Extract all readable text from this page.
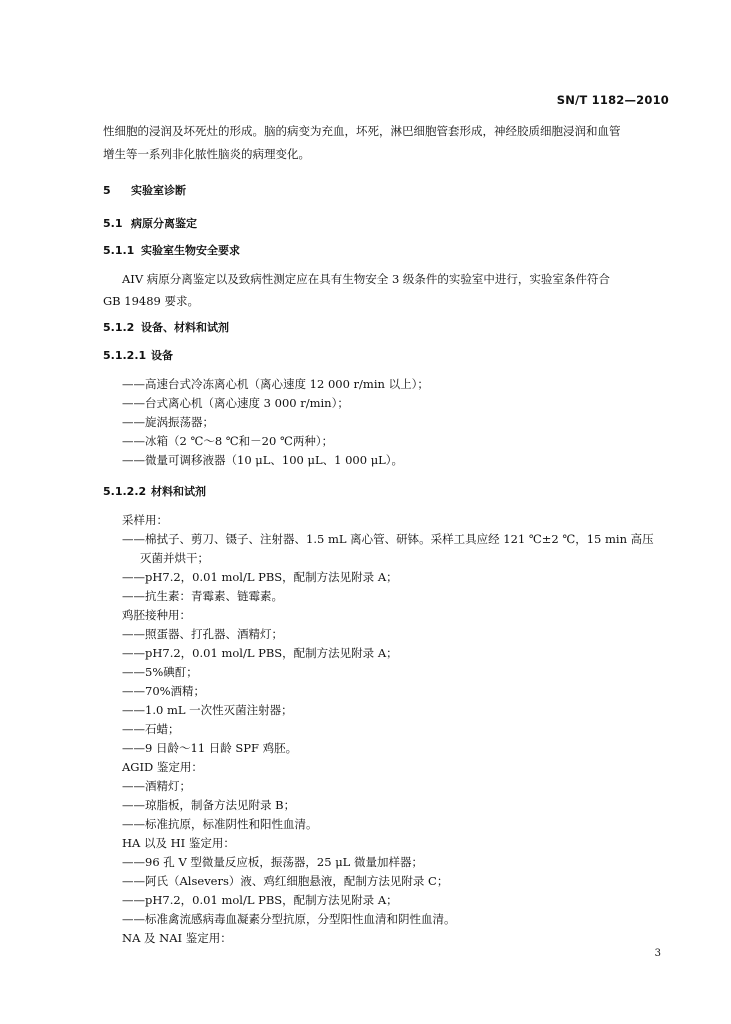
SN/T 1182—2010
性细胞的浸润及坏死灶的形成。脑的病变为充血，坏死，淋巴细胞管套形成，神经胶质细胞浸润和血管
增生等一系列非化脓性脑炎的病理变化。
5 实验室诊断
5.1 病原分离鉴定
5.1.1 实验室生物安全要求
AIV 病原分离鉴定以及致病性测定应在具有生物安全 3 级条件的实验室中进行，实验室条件符合
GB 19489 要求。
5.1.2 设备、材料和试剂
5.1.2.1 设备
——高速台式冷冻离心机（离心速度 12 000 r/min 以上）；
——台式离心机（离心速度 3 000 r/min）；
——旋涡振荡器；
——冰箱（2 ℃～8 ℃和－20 ℃两种）；
——微量可调移液器（10 μL、100 μL、1 000 μL）。
5.1.2.2 材料和试剂
采样用：
——棉拭子、剪刀、镊子、注射器、1.5 mL 离心管、研钵。采样工具应经 121 ℃±2 ℃，15 min 高压
灭菌并烘干；
——pH7.2，0.01 mol/L PBS，配制方法见附录 A；
——抗生素：青霉素、链霉素。
鸡胚接种用：
——照蛋器、打孔器、酒精灯；
——pH7.2，0.01 mol/L PBS，配制方法见附录 A；
——5%碘酊；
——70%酒精；
——1.0 mL 一次性灭菌注射器；
——石蜡；
——9 日龄～11 日龄 SPF 鸡胚。
AGID 鉴定用：
——酒精灯；
——琼脂板，制备方法见附录 B；
——标准抗原，标准阴性和阳性血清。
HA 以及 HI 鉴定用：
——96 孔 V 型微量反应板，振荡器，25 μL 微量加样器；
——阿氏（Alsevers）液、鸡红细胞悬液，配制方法见附录 C；
——pH7.2，0.01 mol/L PBS，配制方法见附录 A；
——标准禽流感病毒血凝素分型抗原，分型阳性血清和阴性血清。
NA 及 NAI 鉴定用：
3
